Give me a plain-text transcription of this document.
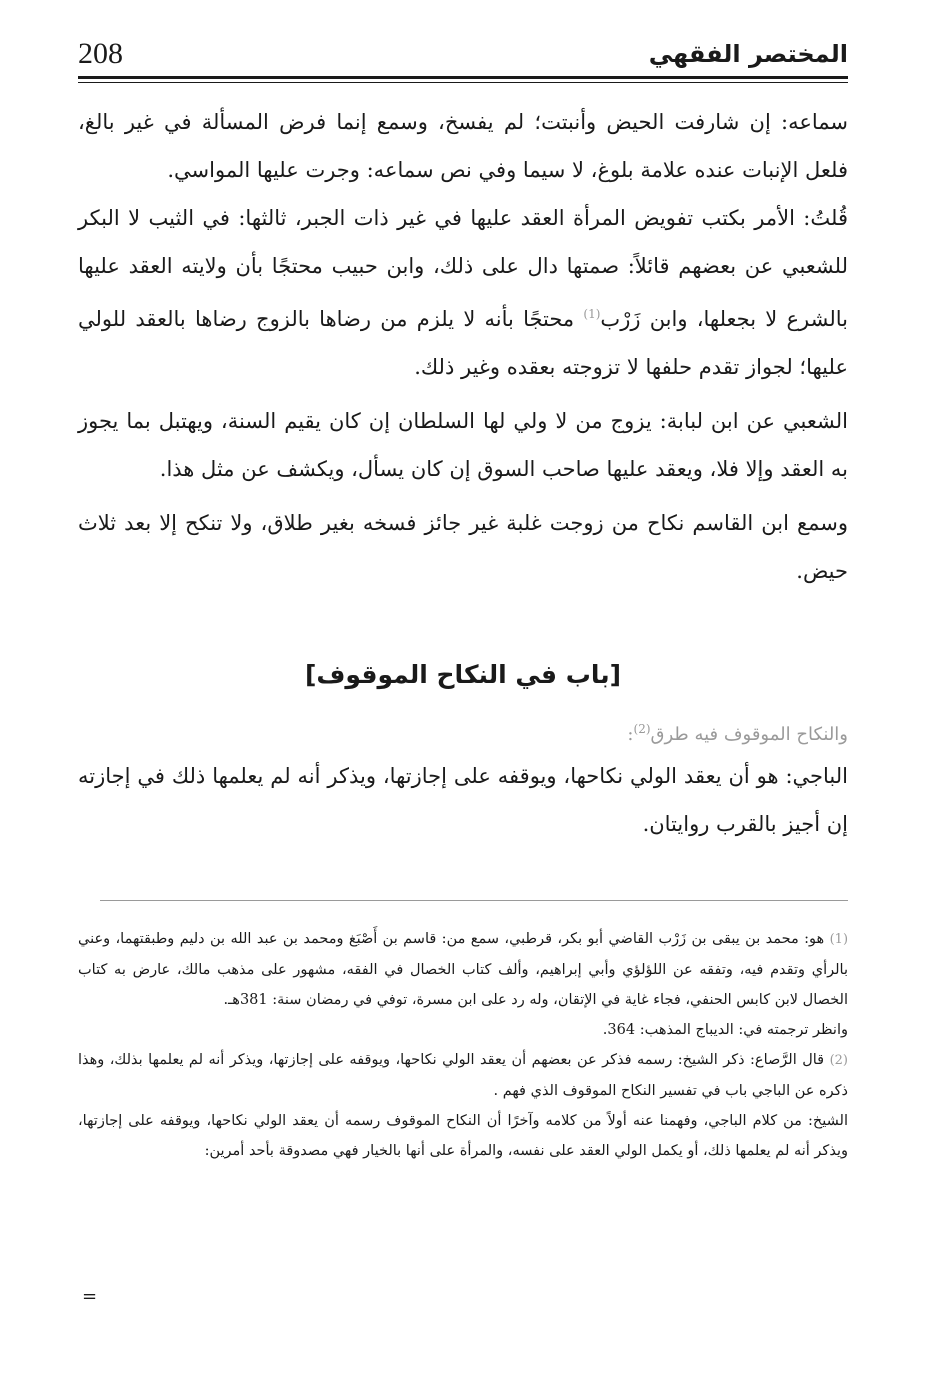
208	المختصر الفقهي

سماعه: إن شارفت الحيض وأنبتت؛ لم يفسخ، وسمع إنما فرض المسألة في غير بالغ، فلعل الإنبات عنده علامة بلوغ، لا سيما وفي نص سماعه: وجرت عليها المواسي.

قُلتُ: الأمر بكتب تفويض المرأة العقد عليها في غير ذات الجبر، ثالثها: في الثيب لا البكر للشعبي عن بعضهم قائلاً: صمتها دال على ذلك، وابن حبيب محتجًا بأن ولايته العقد عليها بالشرع لا بجعلها، وابن زَرْب$^{(1)}$ محتجًا بأنه لا يلزم من رضاها بالزوج رضاها بالعقد للولي عليها؛ لجواز تقدم حلفها لا تزوجته بعقده وغير ذلك.

الشعبي عن ابن لبابة: يزوج من لا ولي لها السلطان إن كان يقيم السنة، ويهتبل بما يجوز به العقد وإلا فلا، ويعقد عليها صاحب السوق إن كان يسأل، ويكشف عن مثل هذا.

وسمع ابن القاسم نكاح من زوجت غلبة غير جائز فسخه بغير طلاق، ولا تنكح إلا بعد ثلاث حيض.

[باب في النكاح الموقوف]
والنكاح الموقوف فيه طرق$^{(2)}$:

الباجي: هو أن يعقد الولي نكاحها، ويوقفه على إجازتها، ويذكر أنه لم يعلمها ذلك في إجازته إن أجيز بالقرب روايتان.

(1) هو: محمد بن يبقى بن زَرْب القاضي أبو بكر، قرطبي، سمع من: قاسم بن أَصْبَغ ومحمد بن عبد الله بن دليم وطبقتهما، وعني بالرأي وتقدم فيه، وتفقه عن اللؤلؤي وأبي إبراهيم، وألف كتاب الخصال في الفقه، مشهور على مذهب مالك، عارض به كتاب الخصال لابن كابس الحنفي، فجاء غاية في الإتقان، وله رد على ابن مسرة، توفي في رمضان سنة: 381هـ.

وانظر ترجمته في: الديباج المذهب: 364.

(2) قال الرَّصاع: ذكر الشيخ: رسمه فذكر عن بعضهم أن يعقد الولي نكاحها، ويوقفه على إجازتها، ويذكر أنه لم يعلمها بذلك، وهذا ذكره عن الباجي باب في تفسير النكاح الموقوف الذي فهم .

الشيخ: من كلام الباجي، وفهمنا عنه أولاً من كلامه وآخرًا أن النكاح الموقوف رسمه أن يعقد الولي نكاحها، ويوقفه على إجازتها، ويذكر أنه لم يعلمها ذلك، أو يكمل الولي العقد على نفسه، والمرأة على أنها بالخيار فهي مصدوقة بأحد أمرين:

=
